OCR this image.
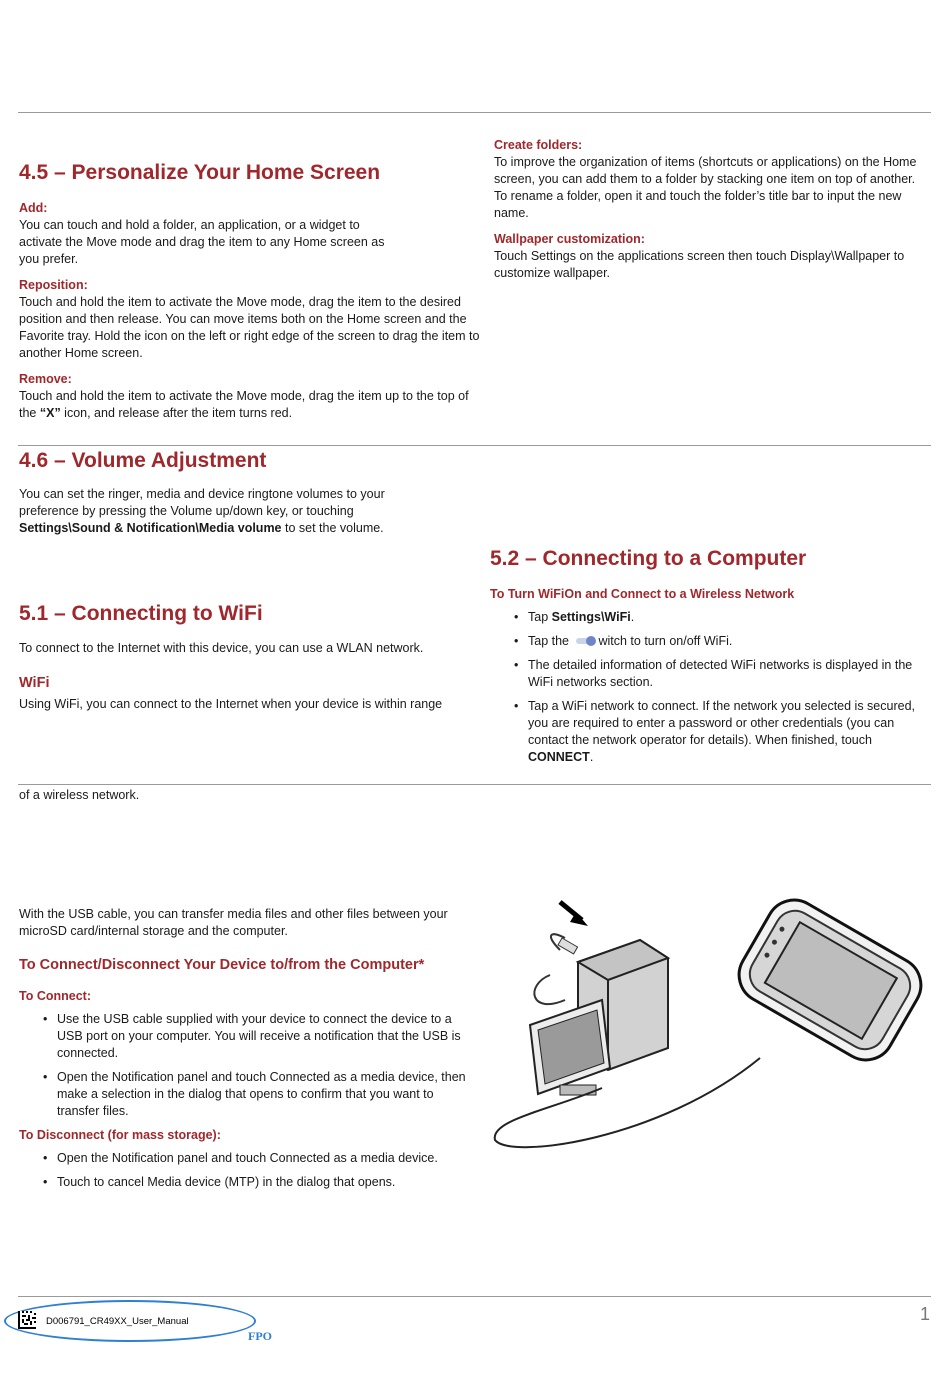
4.5 – Personalize Your Home Screen
Add:

You can touch and hold a folder, an application, or a widget to activate the Move mode and drag the item to any Home screen as you prefer.

Reposition:

Touch and hold the item to activate the Move mode, drag the item to the desired position and then release. You can move items both on the Home screen and the Favorite tray. Hold the icon on the left or right edge of the screen to drag the item to another Home screen.

Remove:

Touch and hold the item to activate the Move mode, drag the item up to the top of the “X” icon, and release after the item turns red.

Create folders:

To improve the organization of items (shortcuts or applications) on the Home screen, you can add them to a folder by stacking one item on top of another. To rename a folder, open it and touch the folder’s title bar to input the new name.

Wallpaper customization:

Touch Settings on the applications screen then touch Display\Wallpaper to customize wallpaper.

4.6 – Volume Adjustment

You can set the ringer, media and device ringtone volumes to your preference by pressing the Volume up/down key, or touching Settings\Sound & Notification\Media volume to set the volume.

5.1 – Connecting to WiFi

To connect to the Internet with this device, you can use a WLAN network.

WiFi

Using WiFi, you can connect to the Internet when your device is within range

of a wireless network.

5.2 – Connecting to a Computer
To Turn WiFiOn and Connect to a Wireless Network
• Tap Settings\WiFi.
• Tap the
witch to turn on/off WiFi.
• The detailed information of detected WiFi networks is displayed in the WiFi networks section.
• Tap a WiFi network to connect. If the network you selected is secured, you are required to enter a password or other credentials (you can contact the network operator for details). When finished, touch CONNECT.

With the USB cable, you can transfer media files and other files between your microSD card/internal storage and the computer.

To Connect/Disconnect Your Device to/from the Computer*
To Connect:
• Use the USB cable supplied with your device to connect the device to a USB port on your computer. You will receive a notification that the USB is connected.
• Open the Notification panel and touch Connected as a media device, then make a selection in the dialog that opens to confirm that you want to transfer files.
To Disconnect (for mass storage):
• Open the Notification panel and touch Connected as a media device.
• Touch to cancel Media device (MTP) in the dialog that opens.
D006791_CR49XX_User_Manual
FPO
1
